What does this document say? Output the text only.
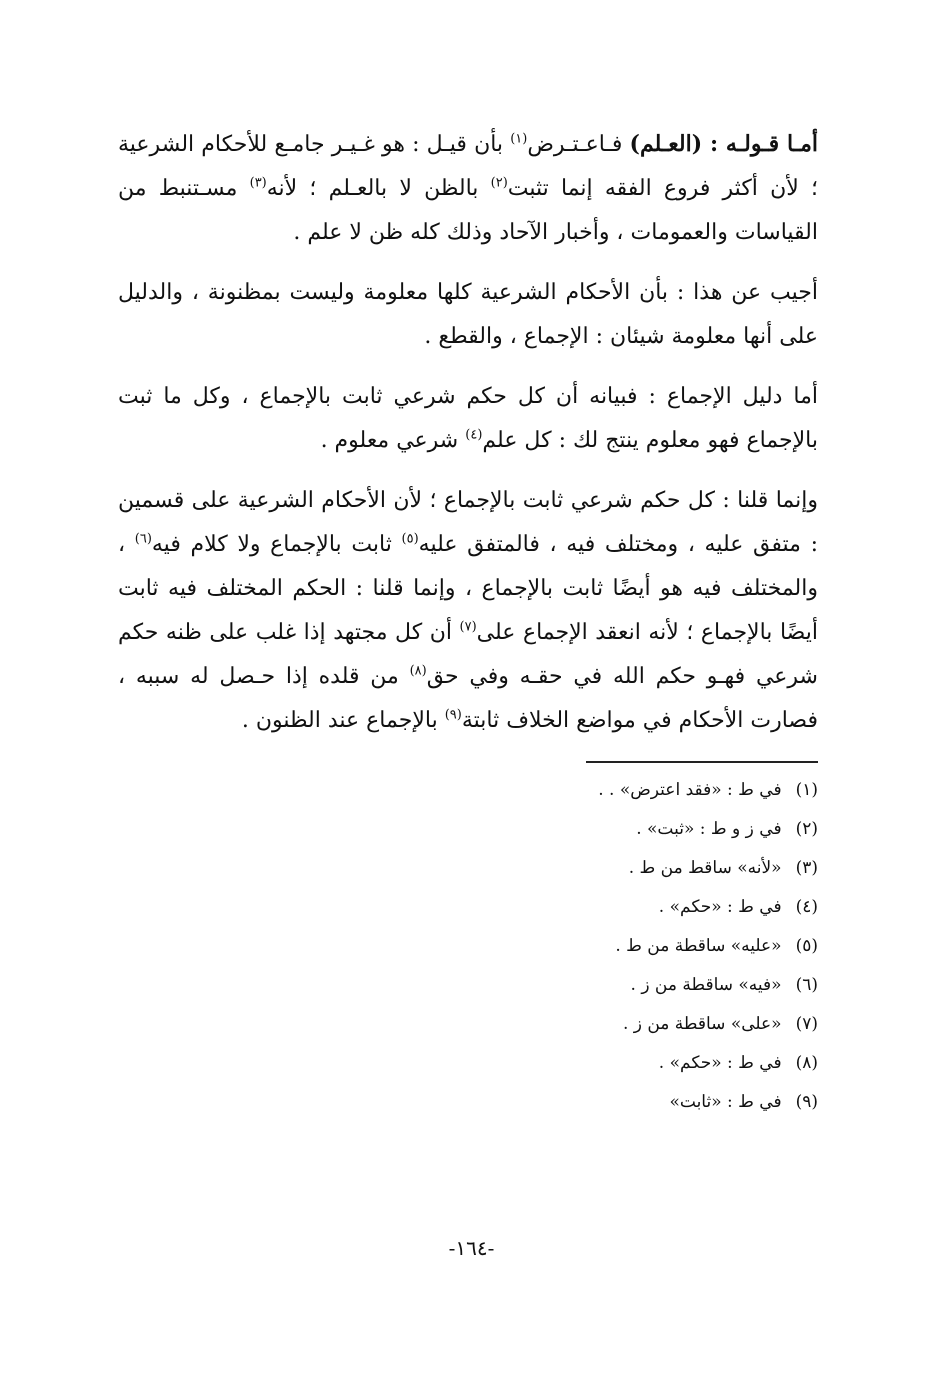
أمـا قـولـه : (العـلم) فـاعـتـرض$^{(١)}$ بأن قيـل : هو غـيـر جامـع للأحكام الشرعية ؛ لأن أكثر فروع الفقه إنما تثبت$^{(٢)}$ بالظن لا بالعـلم ؛ لأنه$^{(٣)}$ مسـتنبط من القياسات والعمومات ، وأخبار الآحاد وذلك كله ظن لا علم .

أجيب عن هذا : بأن الأحكام الشرعية كلها معلومة وليست بمظنونة ، والدليل على أنها معلومة شيئان : الإجماع ، والقطع .

أما دليل الإجماع : فبيانه أن كل حكم شرعي ثابت بالإجماع ، وكل ما ثبت بالإجماع فهو معلوم ينتج لك : كل علم$^{(٤)}$ شرعي معلوم .

وإنما قلنا : كل حكم شرعي ثابت بالإجماع ؛ لأن الأحكام الشرعية على قسمين : متفق عليه ، ومختلف فيه ، فالمتفق عليه$^{(٥)}$ ثابت بالإجماع ولا كلام فيه$^{(٦)}$ ، والمختلف فيه هو أيضًا ثابت بالإجماع ، وإنما قلنا : الحكم المختلف فيه ثابت أيضًا بالإجماع ؛ لأنه انعقد الإجماع على$^{(٧)}$ أن كل مجتهد إذا غلب على ظنه حكم شرعي فهـو حكم الله في حقـه وفي حق$^{(٨)}$ من قلده إذا حـصل له سببه ، فصارت الأحكام في مواضع الخلاف ثابتة$^{(٩)}$ بالإجماع عند الظنون .

(١)في ط : «فقد اعترض» . .
(٢)في ز و ط : «ثبت» .
(٣)«لأنه» ساقط من ط .
(٤)في ط : «حكم» .
(٥)«عليه» ساقطة من ط .
(٦)«فيه» ساقطة من ز .
(٧)«على» ساقطة من ز .
(٨)في ط : «حكم» .
(٩)في ط : «ثابت»
-١٦٤-
